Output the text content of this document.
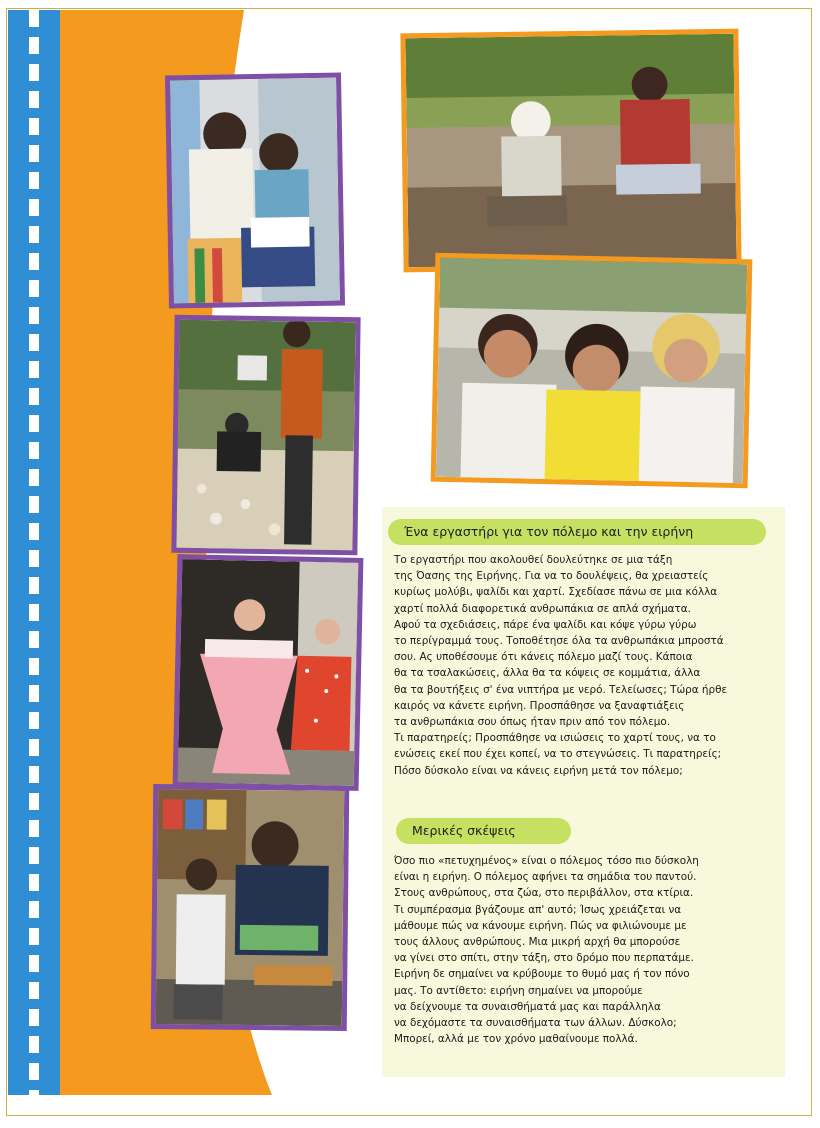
Ένα εργαστήρι για τον πόλεμο και την ειρήνη

Το εργαστήρι που ακολουθεί δουλεύτηκε σε μια τάξη
της Όασης της Ειρήνης. Για να το δουλέψεις, θα χρειαστείς
κυρίως μολύβι, ψαλίδι και χαρτί. Σχεδίασε πάνω σε μια κόλλα
χαρτί πολλά διαφορετικά ανθρωπάκια σε απλά σχήματα.
Αφού τα σχεδιάσεις, πάρε ένα ψαλίδι και κόψε γύρω γύρω
το περίγραμμά τους. Τοποθέτησε όλα τα ανθρωπάκια μπροστά
σου. Ας υποθέσουμε ότι κάνεις πόλεμο μαζί τους. Κάποια
θα τα τσαλακώσεις, άλλα θα τα κόψεις σε κομμάτια, άλλα
θα τα βουτήξεις σ' ένα νιπτήρα με νερό. Τελείωσες; Τώρα ήρθε
καιρός να κάνετε ειρήνη. Προσπάθησε να ξαναφτιάξεις
τα ανθρωπάκια σου όπως ήταν πριν από τον πόλεμο.
Τι παρατηρείς; Προσπάθησε να ισιώσεις το χαρτί τους, να το
ενώσεις εκεί που έχει κοπεί, να το στεγνώσεις. Τι παρατηρείς;
Πόσο δύσκολο είναι να κάνεις ειρήνη μετά τον πόλεμο;

Μερικές σκέψεις

Όσο πιο «πετυχημένος» είναι ο πόλεμος τόσο πιο δύσκολη
είναι η ειρήνη. Ο πόλεμος αφήνει τα σημάδια του παντού.
Στους ανθρώπους, στα ζώα, στο περιβάλλον, στα κτίρια.
Τι συμπέρασμα βγάζουμε απ' αυτό; Ίσως χρειάζεται να
μάθουμε πώς να κάνουμε ειρήνη. Πώς να φιλιώνουμε με
τους άλλους ανθρώπους. Μια μικρή αρχή θα μπορούσε
να γίνει στο σπίτι, στην τάξη, στο δρόμο που περπατάμε.
Ειρήνη δε σημαίνει να κρύβουμε το θυμό μας ή τον πόνο
μας. Το αντίθετο: ειρήνη σημαίνει να μπορούμε
να δείχνουμε τα συναισθήματά μας και παράλληλα
να δεχόμαστε τα συναισθήματα των άλλων. Δύσκολο;
Μπορεί, αλλά με τον χρόνο μαθαίνουμε πολλά.
